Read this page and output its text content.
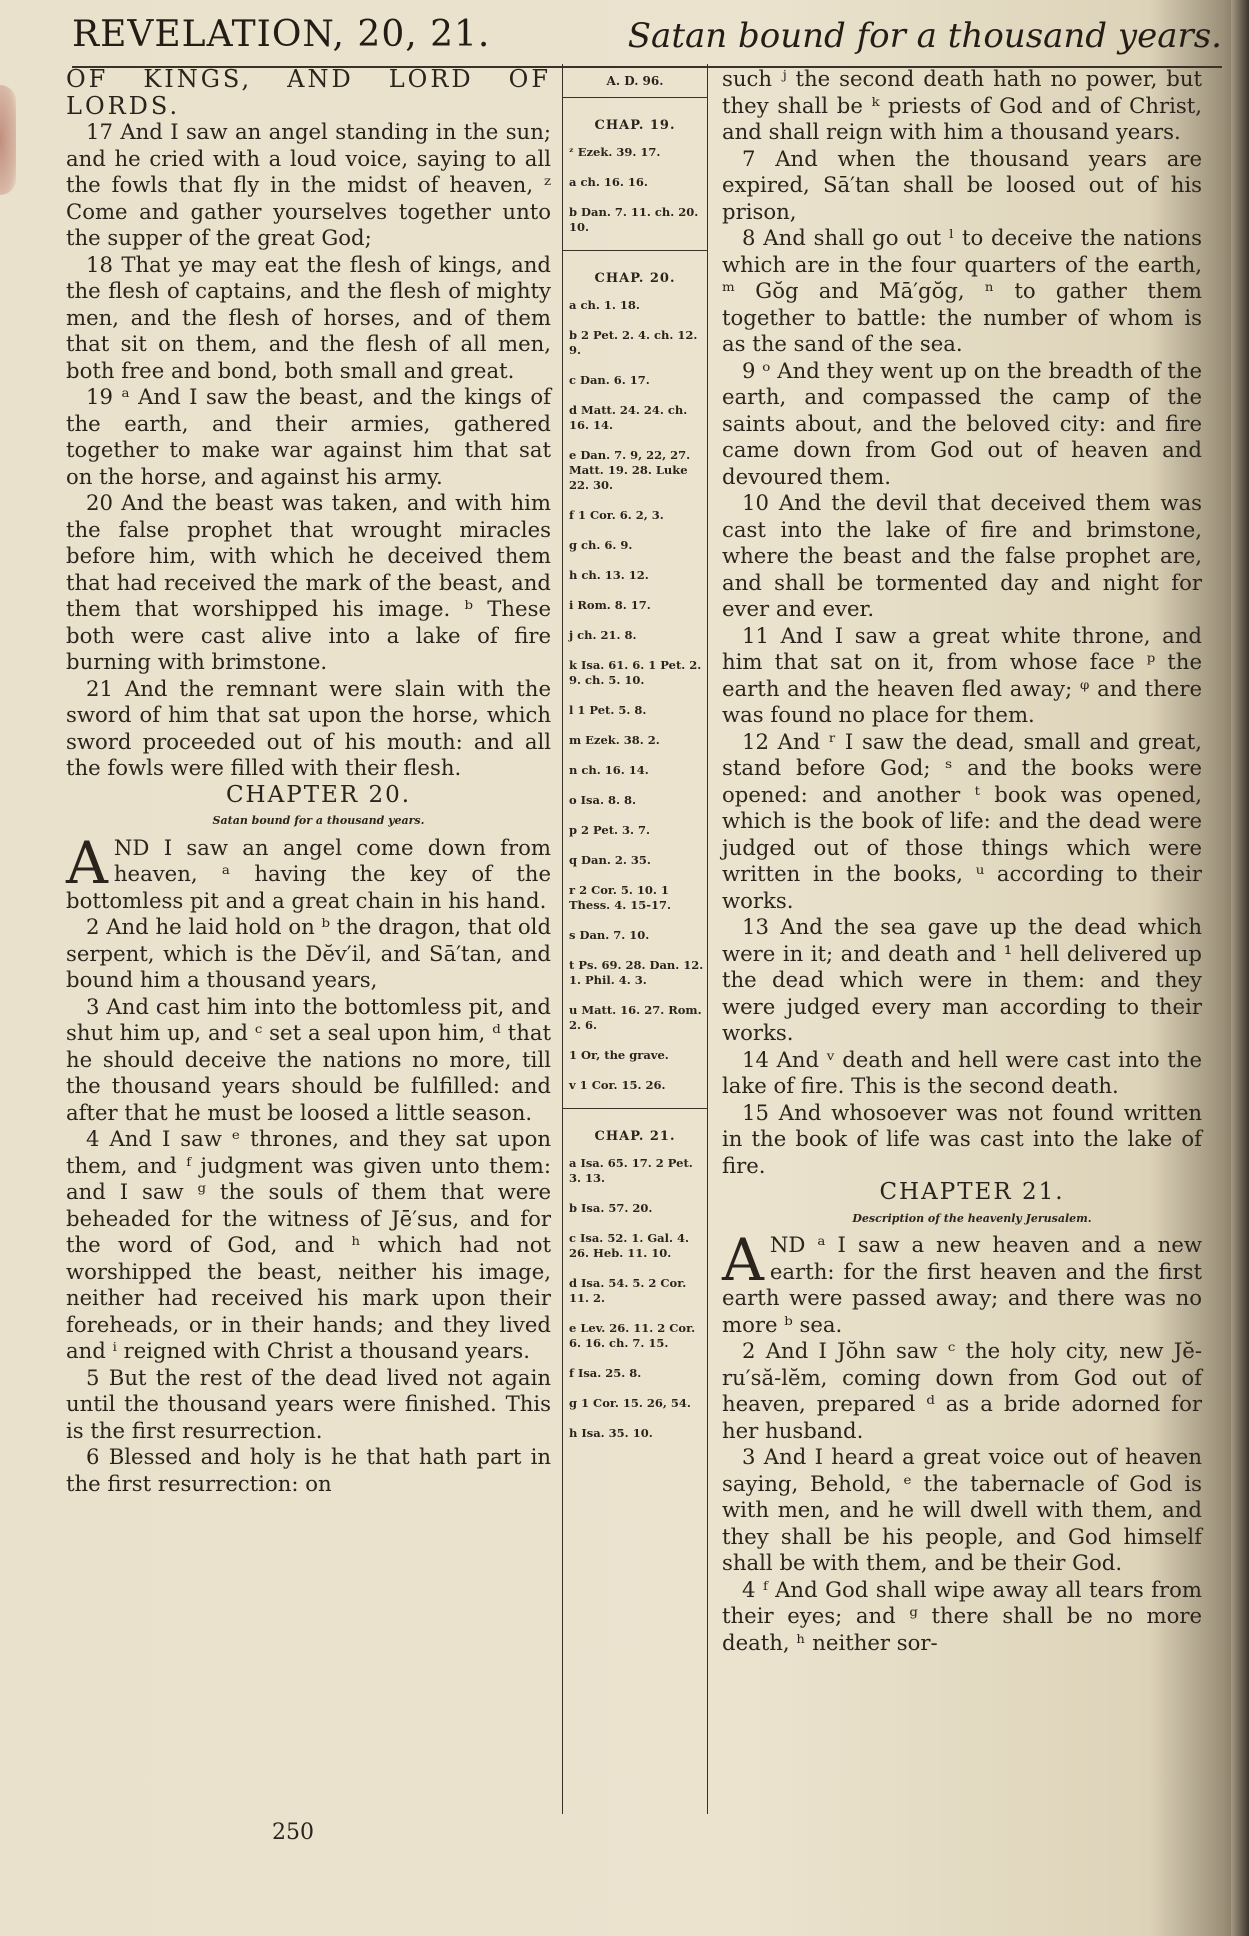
REVELATION, 20, 21.	Satan bound for a thousand years.

OF KINGS, AND LORD OF LORDS.

17 And I saw an angel standing in the sun; and he cried with a loud voice, saying to all the fowls that fly in the midst of heaven, ᶻ Come and gather yourselves together unto the supper of the great God;

18 That ye may eat the flesh of kings, and the flesh of captains, and the flesh of mighty men, and the flesh of horses, and of them that sit on them, and the flesh of all men, both free and bond, both small and great.

19 ᵃ And I saw the beast, and the kings of the earth, and their armies, gathered together to make war against him that sat on the horse, and against his army.

20 And the beast was taken, and with him the false prophet that wrought miracles before him, with which he deceived them that had received the mark of the beast, and them that worshipped his image. ᵇ These both were cast alive into a lake of fire burning with brimstone.

21 And the remnant were slain with the sword of him that sat upon the horse, which sword proceeded out of his mouth: and all the fowls were filled with their flesh.

CHAPTER 20.

Satan bound for a thousand years.

AND I saw an angel come down from heaven, ᵃ having the key of the bottomless pit and a great chain in his hand.

2 And he laid hold on ᵇ the dragon, that old serpent, which is the Dĕv′il, and Sā′tan, and bound him a thousand years,

3 And cast him into the bottomless pit, and shut him up, and ᶜ set a seal upon him, ᵈ that he should deceive the nations no more, till the thousand years should be fulfilled: and after that he must be loosed a little season.

4 And I saw ᵉ thrones, and they sat upon them, and ᶠ judgment was given unto them: and I saw ᵍ the souls of them that were beheaded for the witness of Jē′sus, and for the word of God, and ʰ which had not worshipped the beast, neither his image, neither had received his mark upon their foreheads, or in their hands; and they lived and ⁱ reigned with Christ a thousand years.

5 But the rest of the dead lived not again until the thousand years were finished. This is the first resurrection.

6 Blessed and holy is he that hath part in the first resurrection: on

A. D. 96.
CHAP. 19.
ᶻ Ezek. 39. 17.
a ch. 16. 16.
b Dan. 7. 11. ch. 20. 10.
CHAP. 20.
a ch. 1. 18.
b 2 Pet. 2. 4. ch. 12. 9.
c Dan. 6. 17.
d Matt. 24. 24. ch. 16. 14.
e Dan. 7. 9, 22, 27. Matt. 19. 28. Luke 22. 30.
f 1 Cor. 6. 2, 3.
g ch. 6. 9.
h ch. 13. 12.
i Rom. 8. 17.
j ch. 21. 8.
k Isa. 61. 6. 1 Pet. 2. 9. ch. 5. 10.
l 1 Pet. 5. 8.
m Ezek. 38. 2.
n ch. 16. 14.
o Isa. 8. 8.
p 2 Pet. 3. 7.
q Dan. 2. 35.
r 2 Cor. 5. 10. 1 Thess. 4. 15-17.
s Dan. 7. 10.
t Ps. 69. 28. Dan. 12. 1. Phil. 4. 3.
u Matt. 16. 27. Rom. 2. 6.
1 Or, the grave.
v 1 Cor. 15. 26.
CHAP. 21.
a Isa. 65. 17. 2 Pet. 3. 13.
b Isa. 57. 20.
c Isa. 52. 1. Gal. 4. 26. Heb. 11. 10.
d Isa. 54. 5. 2 Cor. 11. 2.
e Lev. 26. 11. 2 Cor. 6. 16. ch. 7. 15.
f Isa. 25. 8.
g 1 Cor. 15. 26, 54.
h Isa. 35. 10.

such ʲ the second death hath no power, but they shall be ᵏ priests of God and of Christ, and shall reign with him a thousand years.

7 And when the thousand years are expired, Sā′tan shall be loosed out of his prison,

8 And shall go out ˡ to deceive the nations which are in the four quarters of the earth, ᵐ Gŏg and Mā′gŏg, ⁿ to gather them together to battle: the number of whom is as the sand of the sea.

9 ᵒ And they went up on the breadth of the earth, and compassed the camp of the saints about, and the beloved city: and fire came down from God out of heaven and devoured them.

10 And the devil that deceived them was cast into the lake of fire and brimstone, where the beast and the false prophet are, and shall be tormented day and night for ever and ever.

11 And I saw a great white throne, and him that sat on it, from whose face ᵖ the earth and the heaven fled away; ᵠ and there was found no place for them.

12 And ʳ I saw the dead, small and great, stand before God; ˢ and the books were opened: and another ᵗ book was opened, which is the book of life: and the dead were judged out of those things which were written in the books, ᵘ according to their works.

13 And the sea gave up the dead which were in it; and death and ¹ hell delivered up the dead which were in them: and they were judged every man according to their works.

14 And ᵛ death and hell were cast into the lake of fire. This is the second death.

15 And whosoever was not found written in the book of life was cast into the lake of fire.

CHAPTER 21.

Description of the heavenly Jerusalem.

AND ᵃ I saw a new heaven and a new earth: for the first heaven and the first earth were passed away; and there was no more ᵇ sea.

2 And I Jŏhn saw ᶜ the holy city, new Jĕ-ru′să-lĕm, coming down from God out of heaven, prepared ᵈ as a bride adorned for her husband.

3 And I heard a great voice out of heaven saying, Behold, ᵉ the tabernacle of God is with men, and he will dwell with them, and they shall be his people, and God himself shall be with them, and be their God.

4 ᶠ And God shall wipe away all tears from their eyes; and ᵍ there shall be no more death, ʰ neither sor-

250
